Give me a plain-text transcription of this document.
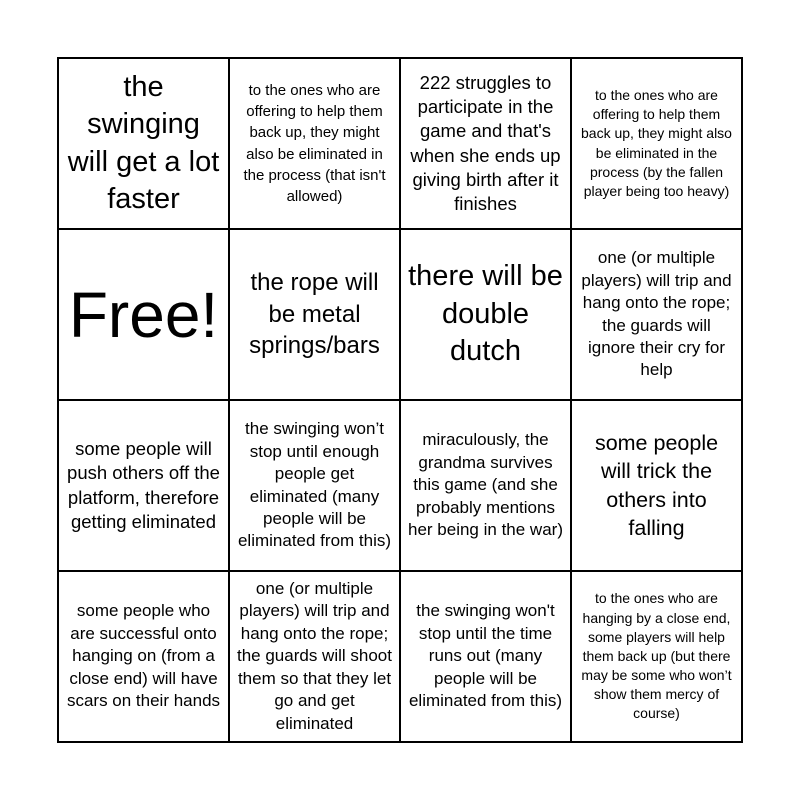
the swinging will get a lot faster
to the ones who are offering to help them back up, they might also be eliminated in the process (that isn't allowed)
222 struggles to participate in the game and that's when she ends up giving birth after it finishes
to the ones who are offering to help them back up, they might also be eliminated in the process (by the fallen player being too heavy)
Free!	the rope will be metal springs/bars
there will be double dutch
one (or multiple players) will trip and hang onto the rope; the guards will ignore their cry for help
some people will push others off the platform, therefore getting eliminated
the swinging won’t stop until enough people get eliminated (many people will be eliminated from this)
miraculously, the grandma survives this game (and she probably mentions her being in the war)
some people will trick the others into falling
some people who are successful onto hanging on (from a close end) will have scars on their hands
one (or multiple players) will trip and hang onto the rope; the guards will shoot them so that they let go and get eliminated
the swinging won't stop until the time runs out (many people will be eliminated from this)
to the ones who are hanging by a close end, some players will help them back up (but there may be some who won’t show them mercy of course)
